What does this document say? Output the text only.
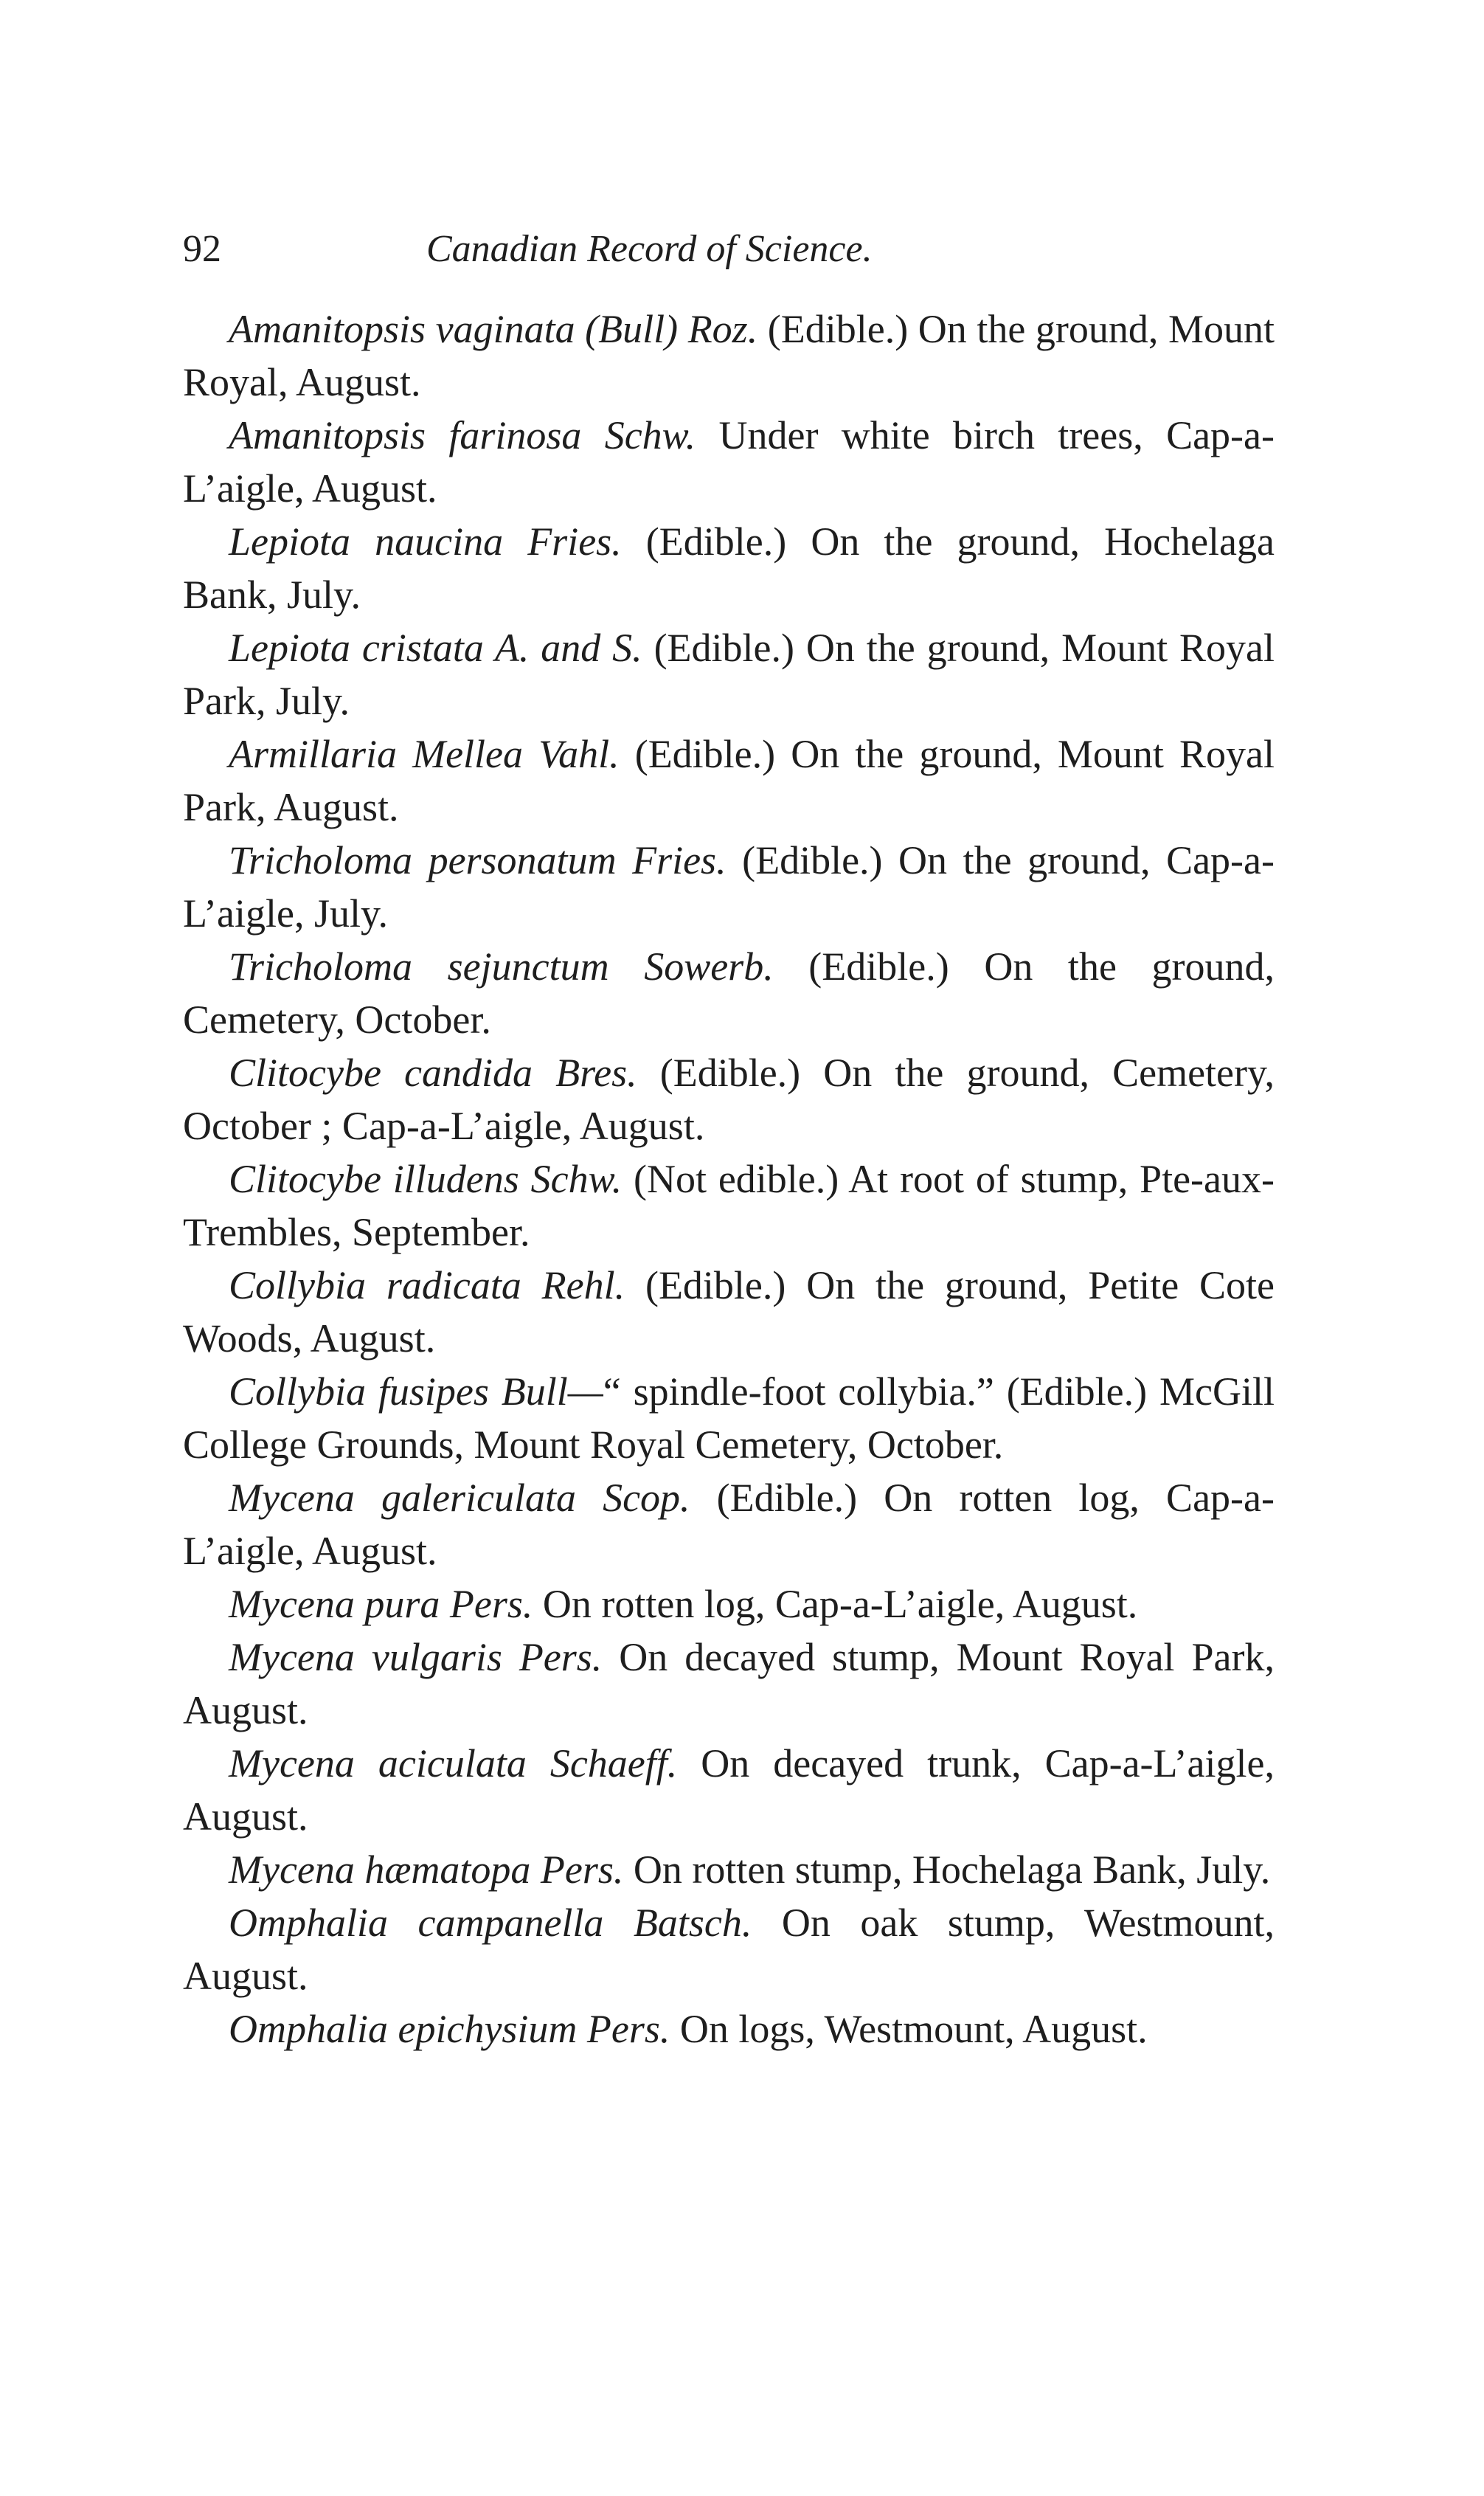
92	Canadian Record of Science.

Amanitopsis vaginata (Bull) Roz. (Edible.) On the ground, Mount Royal, August.

Amanitopsis farinosa Schw. Under white birch trees, Cap-a-L’aigle, August.

Lepiota naucina Fries. (Edible.) On the ground, Hochelaga Bank, July.

Lepiota cristata A. and S. (Edible.) On the ground, Mount Royal Park, July.

Armillaria Mellea Vahl. (Edible.) On the ground, Mount Royal Park, August.

Tricholoma personatum Fries. (Edible.) On the ground, Cap-a-L’aigle, July.

Tricholoma sejunctum Sowerb. (Edible.) On the ground, Cemetery, October.

Clitocybe candida Bres. (Edible.) On the ground, Cemetery, October ; Cap-a-L’aigle, August.

Clitocybe illudens Schw. (Not edible.) At root of stump, Pte-aux-Trembles, September.

Collybia radicata Rehl. (Edible.) On the ground, Petite Cote Woods, August.

Collybia fusipes Bull—“ spindle-foot collybia.” (Edible.) McGill College Grounds, Mount Royal Cemetery, October.

Mycena galericulata Scop. (Edible.) On rotten log, Cap-a-L’aigle, August.

Mycena pura Pers. On rotten log, Cap-a-L’aigle, August.

Mycena vulgaris Pers. On decayed stump, Mount Royal Park, August.

Mycena aciculata Schaeff. On decayed trunk, Cap-a-L’aigle, August.

Mycena hæmatopa Pers. On rotten stump, Hochelaga Bank, July.

Omphalia campanella Batsch. On oak stump, Westmount, August.

Omphalia epichysium Pers. On logs, Westmount, August.
